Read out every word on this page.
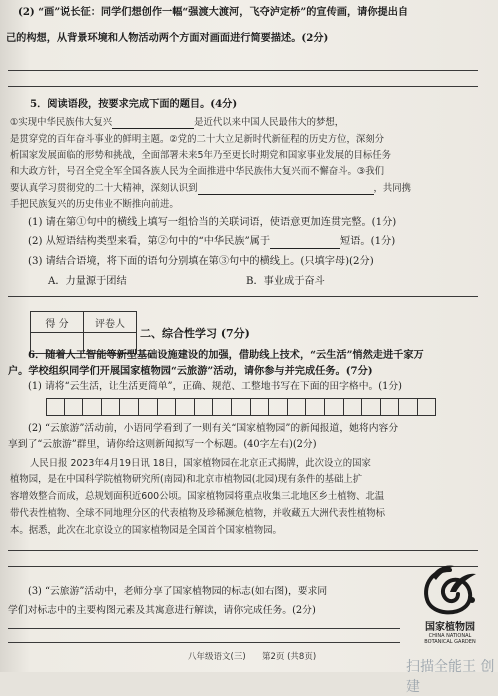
(2) “画”说长征：同学们想创作一幅“强渡大渡河，飞夺泸定桥”的宣传画，请你提出自
己的构想，从背景环境和人物活动两个方面对画面进行简要描述。(2分)
5．阅读语段，按要求完成下面的题目。(4分)
①实现中华民族伟大复兴	是近代以来中国人民最伟大的梦想，
是贯穿党的百年奋斗事业的鲜明主题。②党的二十大立足新时代新征程的历史方位，深刻分
析国家发展面临的形势和挑战，全面部署未来5年乃至更长时期党和国家事业发展的目标任务
和大政方针，号召全党全军全国各族人民为全面推进中华民族伟大复兴而不懈奋斗。③我们
要认真学习贯彻党的二十大精神，深刻认识到	，共同携
手把民族复兴的历史伟业不断推向前进。
(1) 请在第①句中的横线上填写一组恰当的关联词语，使语意更加连贯完整。(1分)
(2) 从短语结构类型来看，第②句中的“中华民族”属于	短语。(1分)
(3) 请结合语境，将下面的语句分别填在第③句中的横线上。(只填字母)(2分)
A．力量源于团结	B．事业成于奋斗
得 分	评卷人

二、综合性学习 (7分)
6．随着人工智能等新型基础设施建设的加强，借助线上技术，“云生活”悄然走进千家万
户。学校组织同学们开展国家植物园“云旅游”活动，请你参与并完成任务。(7分)
(1) 请将“云生活，让生活更简单”，正确、规范、工整地书写在下面的田字格中。(1分)
(2) “云旅游”活动前，小语同学看到了一则有关“国家植物园”的新闻报道，她将内容分
享到了“云旅游”群里，请你给这则新闻拟写一个标题。(40字左右)(2分)
人民日报 2023年4月19日讯 18日，国家植物园在北京正式揭牌，此次设立的国家
植物园，是在中国科学院植物研究所(南园)和北京市植物园(北园)现有条件的基础上扩
容增效整合而成，总规划面积近600公顷。国家植物园将重点收集三北地区乡土植物、北温
带代表性植物、全球不同地理分区的代表植物及珍稀濒危植物，并收藏五大洲代表性植物标
本。据悉，此次在北京设立的国家植物园是全国首个国家植物园。
(3) “云旅游”活动中，老师分享了国家植物园的标志(如右图)，要求同
学们对标志中的主要构图元素及其寓意进行解读，请你完成任务。(2分)
国家植物园
CHINA NATIONAL
BOTANICAL GARDEN
八年级语文(三) 第2页 (共8页)
扫描全能王 创建
